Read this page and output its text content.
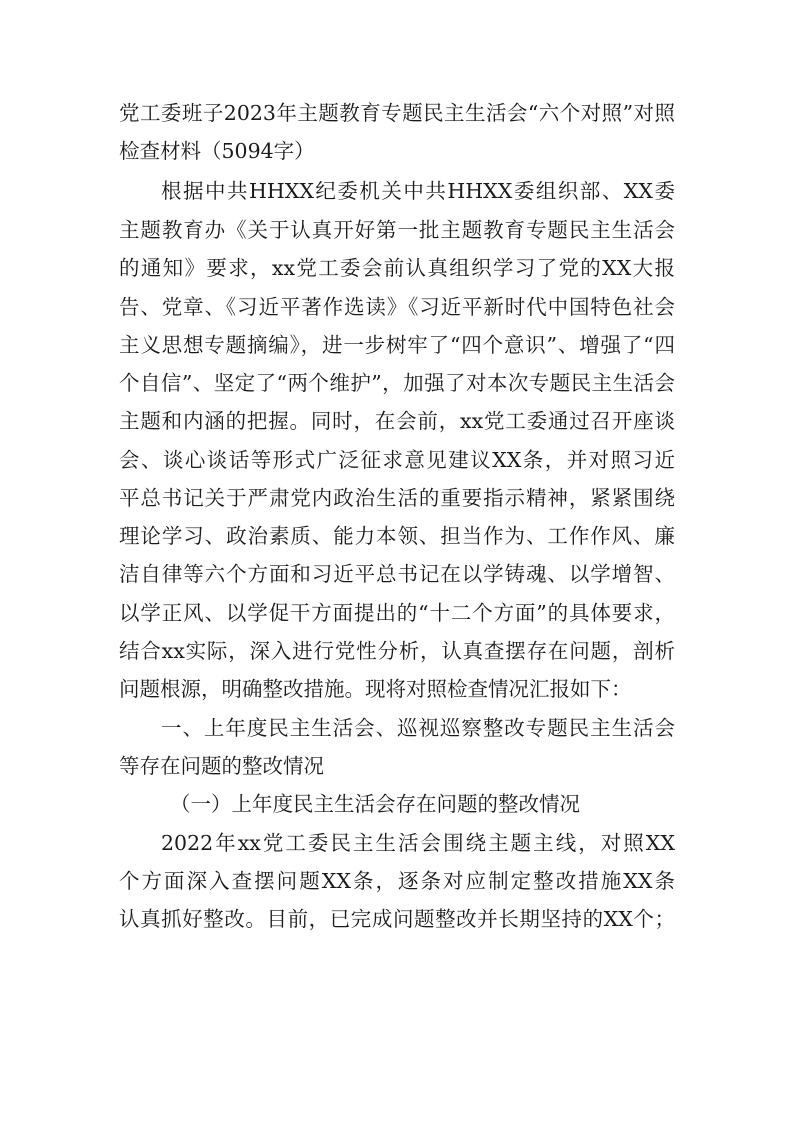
党工委班子2023年主题教育专题民主生活会“六个对照”对照
检查材料（5094字）
根据中共HHXX纪委机关中共HHXX委组织部、XX委
主题教育办《关于认真开好第一批主题教育专题民主生活会
的通知》要求，xx党工委会前认真组织学习了党的XX大报
告、党章、《习近平著作选读》《习近平新时代中国特色社会
主义思想专题摘编》，进一步树牢了“四个意识”、增强了“四
个自信”、坚定了“两个维护”，加强了对本次专题民主生活会
主题和内涵的把握。同时，在会前，xx党工委通过召开座谈
会、谈心谈话等形式广泛征求意见建议XX条，并对照习近
平总书记关于严肃党内政治生活的重要指示精神，紧紧围绕
理论学习、政治素质、能力本领、担当作为、工作作风、廉
洁自律等六个方面和习近平总书记在以学铸魂、以学增智、
以学正风、以学促干方面提出的“十二个方面”的具体要求，
结合xx实际，深入进行党性分析，认真查摆存在问题，剖析
问题根源，明确整改措施。现将对照检查情况汇报如下：
一、上年度民主生活会、巡视巡察整改专题民主生活会
等存在问题的整改情况
（一）上年度民主生活会存在问题的整改情况
2022年xx党工委民主生活会围绕主题主线，对照XX
个方面深入查摆问题XX条，逐条对应制定整改措施XX条
认真抓好整改。目前，已完成问题整改并长期坚持的XX个；
